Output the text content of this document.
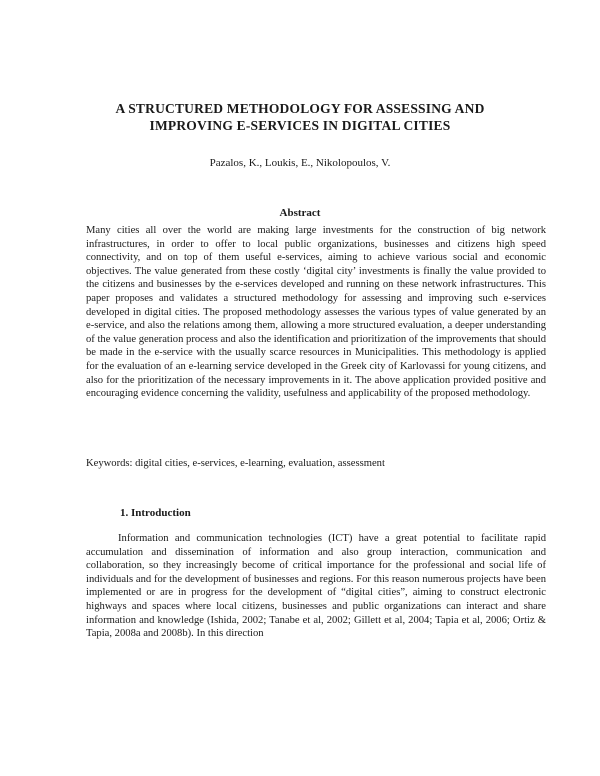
A STRUCTURED METHODOLOGY FOR ASSESSING AND
IMPROVING E-SERVICES IN DIGITAL CITIES
Pazalos, K., Loukis, E., Nikolopoulos, V.
Abstract
Many cities all over the world are making large investments for the construction of big network infrastructures, in order to offer to local public organizations, businesses and citizens high speed connectivity, and on top of them useful e-services, aiming to achieve various social and economic objectives. The value generated from these costly ‘digital city’ investments is finally the value provided to the citizens and businesses by the e-services developed and running on these network infrastructures. This paper proposes and validates a structured methodology for assessing and improving such e-services developed in digital cities. The proposed methodology assesses the various types of value generated by an e-service, and also the relations among them, allowing a more structured evaluation, a deeper understanding of the value generation process and also the identification and prioritization of the improvements that should be made in the e-service with the usually scarce resources in Municipalities. This methodology is applied for the evaluation of an e-learning service developed in the Greek city of Karlovassi for young citizens, and also for the prioritization of the necessary improvements in it. The above application provided positive and encouraging evidence concerning the validity, usefulness and applicability of the proposed methodology.
Keywords: digital cities, e-services, e-learning, evaluation, assessment
1. Introduction
Information and communication technologies (ICT) have a great potential to facilitate rapid accumulation and dissemination of information and also group interaction, communication and collaboration, so they increasingly become of critical importance for the professional and social life of individuals and for the development of businesses and regions. For this reason numerous projects have been implemented or are in progress for the development of “digital cities”, aiming to construct electronic highways and spaces where local citizens, businesses and public organizations can interact and share information and knowledge (Ishida, 2002; Tanabe et al, 2002; Gillett et al, 2004; Tapia et al, 2006; Ortiz & Tapia, 2008a and 2008b). In this direction
